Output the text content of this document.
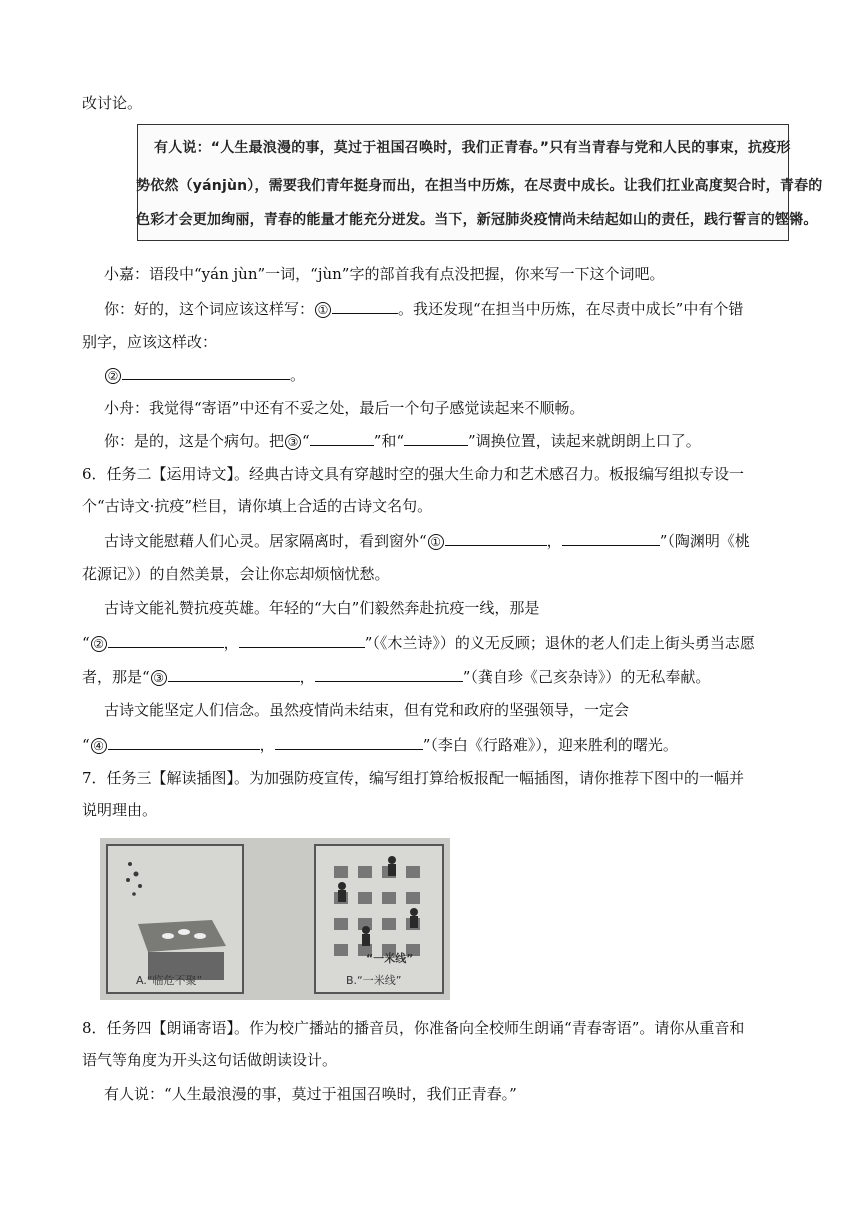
改讨论。
有人说：“人生最浪漫的事，莫过于祖国召唤时，我们正青春。”只有当青春与党和人民的事束，抗疫形
势依然（yánjùn），需要我们青年挺身而出，在担当中历炼，在尽责中成长。让我们扛业高度契合时，青春的
色彩才会更加绚丽，青春的能量才能充分迸发。当下，新冠肺炎疫情尚未结起如山的责任，践行誓言的铿锵。
小嘉：语段中“yán jùn”一词，“jùn”字的部首我有点没把握，你来写一下这个词吧。
你：好的，这个词应该这样写： ①	。我还发现“在担当中历炼，在尽责中成长”中有个错
别字，应该这样改：
②	。
小舟：我觉得“寄语”中还有不妥之处，最后一个句子感觉读起来不顺畅。
你：是的，这是个病句。把 ③ “	”和“	”调换位置，读起来就朗朗上口了。
6．任务二【运用诗文】。经典古诗文具有穿越时空的强大生命力和艺术感召力。板报编写组拟专设一
个“古诗文·抗疫”栏目，请你填上合适的古诗文名句。
古诗文能慰藉人们心灵。居家隔离时，看到窗外“ ①	，	”（陶渊明《桃
花源记》）的自然美景，会让你忘却烦恼忧愁。
古诗文能礼赞抗疫英雄。年轻的“大白”们毅然奔赴抗疫一线，那是
“ ②	，	”（《木兰诗》）的义无反顾；退休的老人们走上街头勇当志愿
者，那是“ ③	，	”（龚自珍《己亥杂诗》）的无私奉献。
古诗文能坚定人们信念。虽然疫情尚未结束，但有党和政府的坚强领导，一定会
“ ④	，	”（李白《行路难》），迎来胜利的曙光。
7．任务三【解读插图】。为加强防疫宣传，编写组打算给板报配一幅插图，请你推荐下图中的一幅并
说明理由。
A.“临危不聚”
“一米线”
B.“一米线”
8．任务四【朗诵寄语】。作为校广播站的播音员，你准备向全校师生朗诵“青春寄语”。请你从重音和
语气等角度为开头这句话做朗读设计。
有人说：“人生最浪漫的事，莫过于祖国召唤时，我们正青春。”
